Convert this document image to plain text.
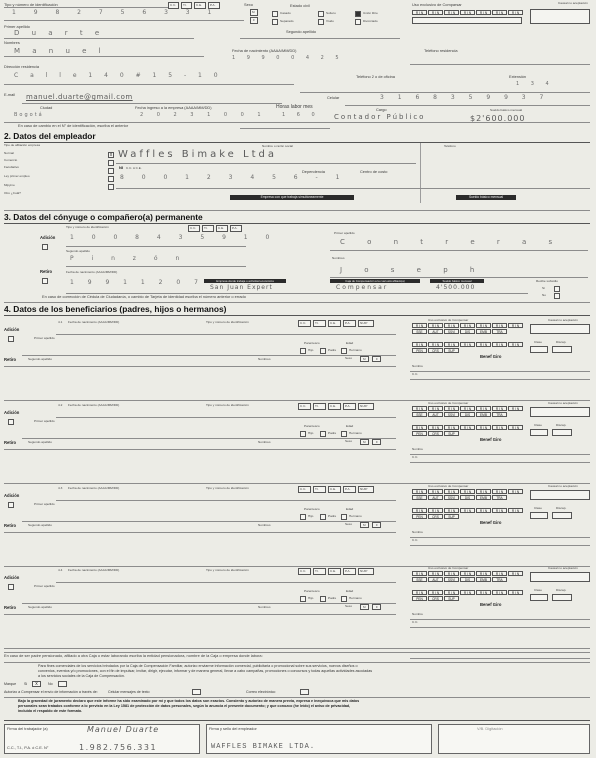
Tipo y número de identificación	C.C. T.I.	C.E.	P.A.	Sexo
M
F
Estado civil
Casado
Separado
Soltero
Viudo
Unión libre
Divorciado
1 9 8 2 7 5 6 3 3 1
Uso exclusivo de Comparsar	Causal no aceptación
R I N	R I N	R I N	R I N	R I N	R I N	R I N
Primer apellido
D u a r t e	Segundo apellido
Nombres
M a n u e l	Fecha de nacimiento (AAAA/MM/DD)
1 9 9 0 0 4 2 5
Teléfono residencia
Dirección residencia
C a l l e 1 4 0 # 1 5 - 1 0	Teléfono 2 o de oficina	Extensión
1 3 4
E-mail manuel.duarte@gmail.com	Celular	3 1 6 8 3 5 9 9 3 7
Ciudad
Bogotá
Fecha ingreso a la empresa (AAAA/MM/DD)
2 0 2 3 1 0 0 1
Horas labor mes
1 6 0
Cargo
Contador Público
Sueldo básico mensual
$2'600.000
En caso de cambio en el N° de identificación, escriba el anterior
2. Datos del empleador
Tipo de afiliación empresa
Normal	x
Comercio
Facultativo
Ley primer empleo
Mipyme
Otro ¿Cuál?
Nombre o razón social
Waffles Bimake Ltda
Teléfono
NI C.C. A C.E.
8 0 0 1 2 3 4 5 6 - 1
Dependencia	Centro de costo
Empresa con que trabaja simultáneamente	Sueldo básico mensual
3. Datos del cónyuge o compañero(a) permanente
Tipo y número de identificación	C.C.	T.I.	C.E.	P.A.
Adición 1 0 0 8 4 3 5 9 1 0
Primer apellido
C o n t r e r a s
Segundo apellido
P i n z ó n	Nombres
J o s e p h
Retiro	Fecha de nacimiento (AAAA/MM/DD)
1 9 9 1 1 2 0 7	Empresa donde trabaja o actividad económica
San Juan Expert
Caja de Compensación a la cual está afiliado(a)
Compensar
Sueldo básico mensual
4'500.000
Recibe subsidio
Sí
No
En caso de corrección de Cédula de Ciudadanía, o cambio de Tarjeta de identidad escriba el número anterior o errado
4. Datos de los beneficiarios (padres, hijos o hermanos)
4.1 Fecha de nacimiento (AAAA/MM/DD)	Tipo y número de identificación	C.C.	T.I.	C.E.	P.A.	NUIP
Adición
Primer apellido
Parentesco	Edad
Hijo	Padre	Hermano
Retiro	Segundo apellido	Nombres	Sexo	M	F
Uso exclusivo de Compensar	Causal no aceptación
R I N	R I N	R I N	R I N	R I N	R I N	R I N
SSE	AUT	SSVI	DIS	EMB	TRA
R I N	R I N	R I N	R I N	R I N	R I N	R I N
PEN	CRS	SUP
Clase	Discap.
Benef Giro
Nombre
C.C.
4.2 Fecha de nacimiento (AAAA/MM/DD)	Tipo y número de identificación	C.C.	T.I.	C.E.	P.A.	NUIP
Adición
Primer apellido
Parentesco	Edad
Hijo	Padre	Hermano
Retiro	Segundo apellido	Nombres	Sexo	M	F
Uso exclusivo de Compensar	Causal no aceptación
R I N	R I N	R I N	R I N	R I N	R I N	R I N
SSE	AUT	SSVI	DIS	EMB	TRA
R I N	R I N	R I N	R I N	R I N	R I N	R I N
PEN	CRS	SUP
Clase	Discap.
Benef Giro
Nombre
C.C.
4.3 Fecha de nacimiento (AAAA/MM/DD)	Tipo y número de identificación	C.C.	T.I.	C.E.	P.A.	NUIP
Adición
Primer apellido
Parentesco	Edad
Hijo	Padre	Hermano
Retiro	Segundo apellido	Nombres	Sexo	M	F
Uso exclusivo de Compensar	Causal no aceptación
R I N	R I N	R I N	R I N	R I N	R I N	R I N
SSE	AUT	SSVI	DIS	EMB	TRA
R I N	R I N	R I N	R I N	R I N	R I N	R I N
PEN	CRS	SUP
Clase	Discap.
Benef Giro
Nombre
C.C.
4.4 Fecha de nacimiento (AAAA/MM/DD)	Tipo y número de identificación	C.C.	T.I.	C.E.	P.A.	NUIP
Adición
Primer apellido
Parentesco	Edad
Hijo	Padre	Hermano
Retiro	Segundo apellido	Nombres	Sexo	M	F
Uso exclusivo de Compensar	Causal no aceptación
R I N	R I N	R I N	R I N	R I N	R I N	R I N
SSE	AUT	SSVI	DIS	EMB	TRA
R I N	R I N	R I N	R I N	R I N	R I N	R I N
PEN	CRS	SUP
Clase	Discap.
Benef Giro
Nombre
C.C.
En caso de ser padre pensionado, afiliado a otra Caja o estar laborando escriba la entidad pensionadora, nombre de la Caja o empresa donde labora:
Para fines comerciales de los servicios brindados por la Caja de Compensación Familiar, autorizo enviarme información comercial, publicitaria o promocional sobre sus servicios, nuevos diseños o
convenios, eventos y/o promociones, con el fin de impulsar, invitar, dirigir, ejecutar, informar y de manera general, llevar a cabo campañas, promociones o concursos y todas aquellas actividades asociadas
a los servicios sociales de la Caja de Compensación.
Marque Si	x	No
Autorizo a Compensar el envío de información a través de:	Celular mensajes de texto	Correo electrónico
Bajo la gravedad de juramento declaro que este informe ha sido examinado por mí y que todos los datos son exactos. Consiento y autorizo de manera previa, expresa e inequívoca que mis datos
personales sean tratados conforme a lo previsto en la Ley 1581 de protección de datos personales, según lo anuncia el presente documento; y que conozco (he leído) el aviso de privacidad,
incluido el respaldo de este formato.
Firma del trabajador (a)	Manuel Duarte
C.C., T.I., P.A. ó C.E. N°	1.982.756.331
Firma y sello del empleador
WAFFLES BIMAKE LTDA.
V/B. Digitación
